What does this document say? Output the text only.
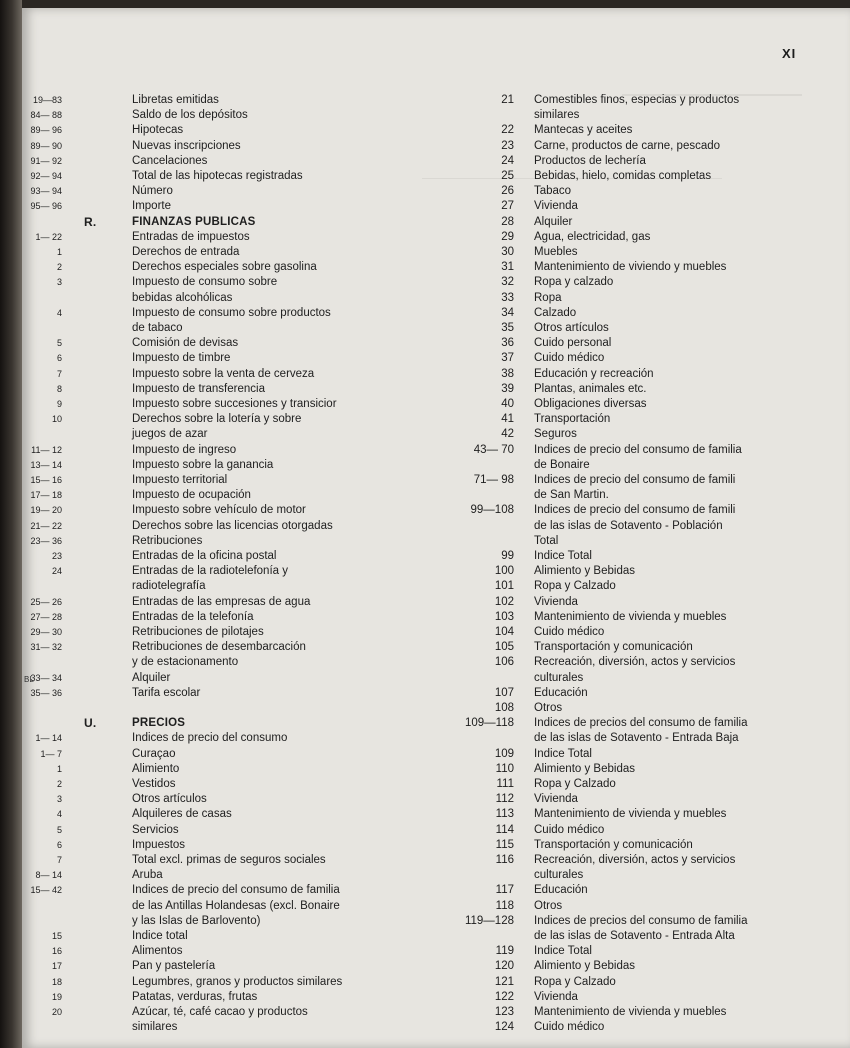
XI
BL
19—83	Libretas emitidas
84— 88	Saldo de los depósitos
89— 96	Hipotecas
89— 90	Nuevas inscripciones
91— 92	Cancelaciones
92— 94	Total de las hipotecas registradas
93— 94	Número
95— 96	Importe
R.	FINANZAS PUBLICAS
1— 22	Entradas de impuestos
1	Derechos de entrada
2	Derechos especiales sobre gasolina
3	Impuesto de consumo sobre
bebidas alcohólicas
4	Impuesto de consumo sobre productos
de tabaco
5	Comisión de devisas
6	Impuesto de timbre
7	Impuesto sobre la venta de cerveza
8	Impuesto de transferencia
9	Impuesto sobre succesiones y transicior
10	Derechos sobre la lotería y sobre
juegos de azar
11— 12	Impuesto de ingreso
13— 14	Impuesto sobre la ganancia
15— 16	Impuesto territorial
17— 18	Impuesto de ocupación
19— 20	Impuesto sobre vehículo de motor
21— 22	Derechos sobre las licencias otorgadas
23— 36	Retribuciones
23	Entradas de la oficina postal
24	Entradas de la radiotelefonía y
radiotelegrafía
25— 26	Entradas de las empresas de agua
27— 28	Entradas de la telefonía
29— 30	Retribuciones de pilotajes
31— 32	Retribuciones de desembarcación
y de estacionamento
33— 34	Alquiler
35— 36	Tarifa escolar
U.	PRECIOS
1— 14	Indices de precio del consumo
1— 7	Curaçao
1	Alimiento
2	Vestidos
3	Otros artículos
4	Alquileres de casas
5	Servicios
6	Impuestos
7	Total excl. primas de seguros sociales
8— 14	Aruba
15— 42	Indices de precio del consumo de familia
de las Antillas Holandesas (excl. Bonaire
y las Islas de Barlovento)
15	Indice total
16	Alimentos
17	Pan y pastelería
18	Legumbres, granos y productos similares
19	Patatas, verduras, frutas
20	Azúcar, té, café cacao y productos
similares
21 Comestibles finos, especias y productos
similares
22 Mantecas y aceites
23 Carne, productos de carne, pescado
24 Productos de lechería
25 Bebidas, hielo, comidas completas
26 Tabaco
27 Vivienda
28 Alquiler
29 Agua, electricidad, gas
30 Muebles
31 Mantenimiento de viviendo y muebles
32 Ropa y calzado
33 Ropa
34 Calzado
35 Otros artículos
36 Cuido personal
37 Cuido médico
38 Educación y recreación
39 Plantas, animales etc.
40 Obligaciones diversas
41 Transportación
42 Seguros
43— 70 Indices de precio del consumo de familia
de Bonaire
71— 98 Indices de precio del consumo de famili
de San Martin.
99—108 Indices de precio del consumo de famili
de las islas de Sotavento - Población
Total
99 Indice Total
100 Alimiento y Bebidas
101 Ropa y Calzado
102 Vivienda
103 Mantenimiento de vivienda y muebles
104 Cuido médico
105 Transportación y comunicación
106 Recreación, diversión, actos y servicios
culturales
107 Educación
108 Otros
109—118 Indices de precios del consumo de familia
de las islas de Sotavento - Entrada Baja
109 Indice Total
110 Alimiento y Bebidas
111 Ropa y Calzado
112 Vivienda
113 Mantenimiento de vivienda y muebles
114 Cuido médico
115 Transportación y comunicación
116 Recreación, diversión, actos y servicios
culturales
117 Educación
118 Otros
119—128 Indices de precios del consumo de familia
de las islas de Sotavento - Entrada Alta
119 Indice Total
120 Alimiento y Bebidas
121 Ropa y Calzado
122 Vivienda
123 Mantenimiento de vivienda y muebles
124 Cuido médico
